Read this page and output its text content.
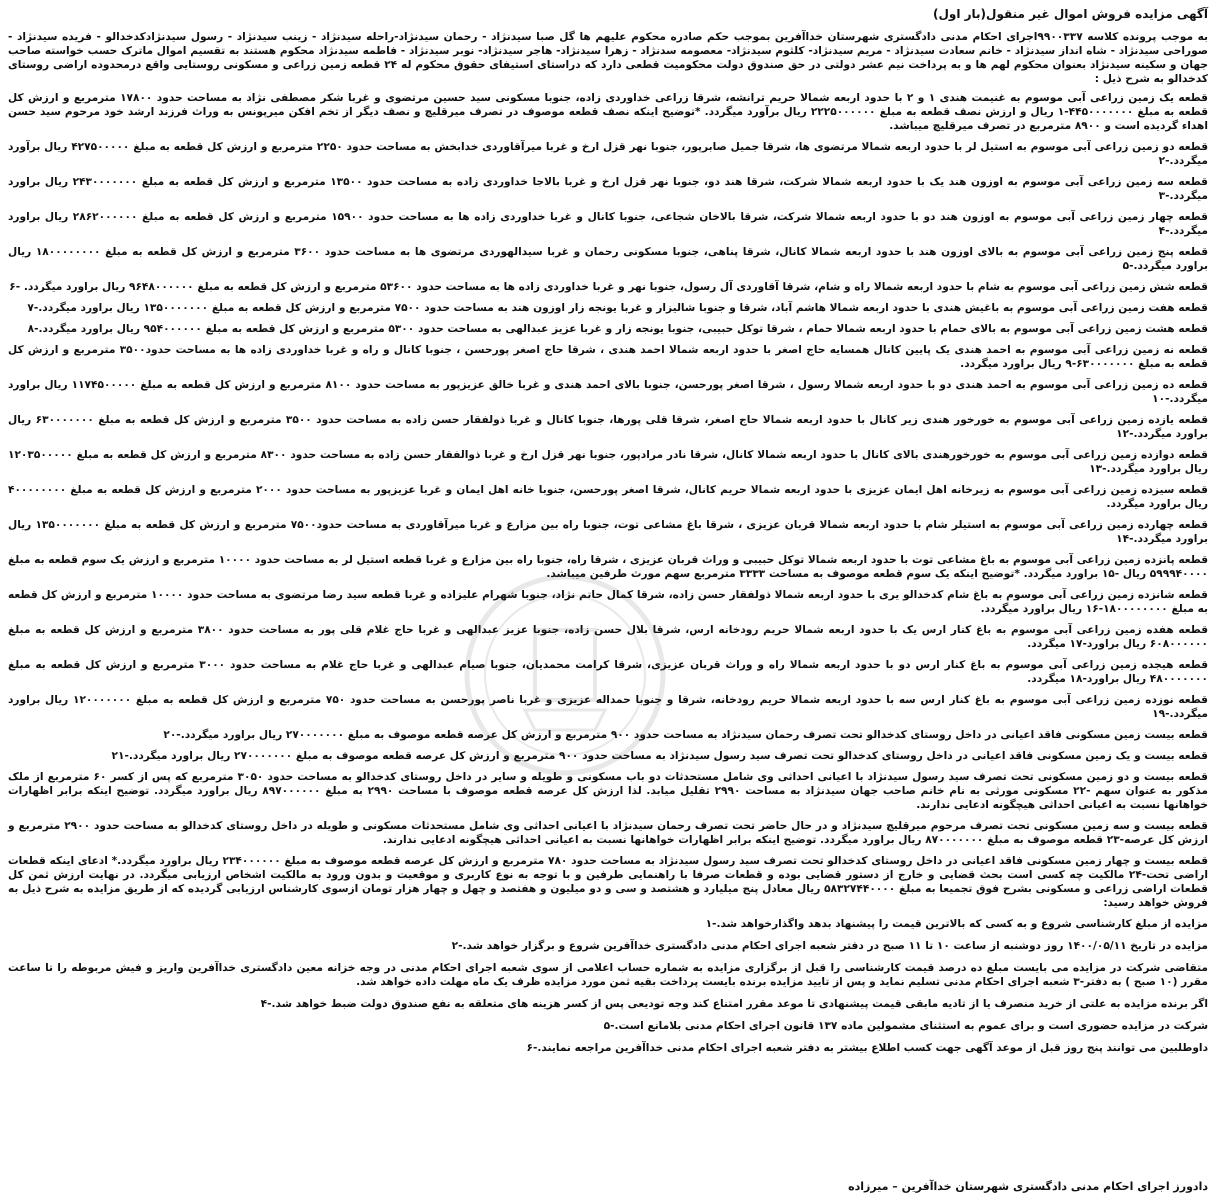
آگهی مزایده فروش اموال غیر منقول(بار اول)
به موجب پرونده کلاسه ۹۹۰۰۳۳۷اجرای احکام مدنی دادگستری شهرستان خداآفرین بموجب حکم صادره محکوم علیهم ها گل صبا سیدنژاد - رحمان سیدنژاد-راحله سیدنژاد - زینب سیدنژاد - رسول سیدنژادکدخدالو - فریده سیدنژاد - صوراحی سیدنژاد - شاه انداز سیدنژاد - خانم سعادت سیدنژاد - مریم سیدنژاد- کلثوم سیدنژاد- معصومه سدنژاد - زهرا سیدنژاد- هاجر سیدنژاد- نوبر سیدنژاد - فاطمه سیدنژاد محکوم هستند به تقسیم اموال ماترک حسب خواسته صاحب جهان و سکینه سیدنژاد بعنوان محکوم لهم ها و به پرداخت نیم عشر دولتی در حق صندوق دولت محکومیت قطعی دارد که دراستای استیفای حقوق محکوم له ۲۴ قطعه زمین زراعی و مسکونی روستایی واقع درمحدوده اراضی روستای کدخدالو به شرح ذیل :
قطعه یک زمین زراعی آبی موسوم به غنیمت هندی ۱ و ۲ با حدود اربعه شمالا حریم ترانشه، شرقا زراعی خداوردی زاده، جنوبا مسکونی سید حسین مرتضوی و غربا شکر مصطفی نژاد به مساحت حدود ۱۷۸۰۰ مترمربع و ارزش کل قطعه به مبلغ ۴۴۵۰۰۰۰۰۰۰-۱ ریال و ارزش نصف قطعه به مبلغ ۲۲۲۵۰۰۰۰۰۰ ریال برآورد میگردد. *توضیح اینکه نصف قطعه موصوف در تصرف میرقلیچ و نصف دیگر از تخم افکن میرپونس به وراث فرزند ارشد خود مرحوم سید حسن اهداء گردیده است و ۸۹۰۰ مترمربع در تصرف میرقلیچ میباشد.
قطعه دو زمین زراعی آبی موسوم به استیل لر با حدود اربعه شمالا مرتضوی ها، شرقا جمیل صابرپور، جنوبا نهر قزل ارخ و غربا میرآقاوردی خدابخش به مساحت حدود ۲۲۵۰ مترمربع و ارزش کل قطعه به مبلغ ۴۲۷۵۰۰۰۰۰ ریال برآورد میگردد.-۲
قطعه سه زمین زراعی آبی موسوم به اوزون هند یک با حدود اربعه شمالا شرکت، شرقا هند دو، جنوبا نهر قزل ارخ و غربا بالاجا خداوردی زاده به مساحت حدود ۱۳۵۰۰ مترمربع و ارزش کل قطعه به مبلغ ۲۴۳۰۰۰۰۰۰۰ ریال براورد میگردد.-۳
قطعه چهار زمین زراعی آبی موسوم به اوزون هند دو با حدود اربعه شمالا شرکت، شرقا بالاخان شجاعی، جنوبا کانال و غربا خداوردی زاده ها به مساحت حدود ۱۵۹۰۰ مترمربع و ارزش کل قطعه به مبلغ ۲۸۶۲۰۰۰۰۰۰ ریال براورد میگردد.-۴
قطعه پنج زمین زراعی آبی موسوم به بالای اوزون هند با حدود اربعه شمالا کانال، شرقا پناهی، جنوبا مسکونی رحمان و غربا سیدالهوردی مرتضوی ها به مساحت حدود ۳۶۰۰ مترمربع و ارزش کل قطعه به مبلغ ۱۸۰۰۰۰۰۰۰۰ ریال براورد میگردد.-۵
قطعه شش زمین زراعی آبی موسوم به شام با حدود اربعه شمالا راه و شام، شرقا آقاوردی آل رسول، جنوبا نهر و غربا خداوردی زاده ها به مساحت حدود ۵۳۶۰۰ مترمربع و ارزش کل قطعه به مبلغ ۹۶۴۸۰۰۰۰۰۰ ریال براورد میگردد. -۶
قطعه هفت زمین زراعی آبی موسوم به باغیش هندی با حدود اربعه شمالا هاشم آباد، شرقا و جنوبا شالیزار و غربا یونجه زار اوزون هند به مساحت حدود ۷۵۰۰ مترمربع و ارزش کل قطعه به مبلغ ۱۳۵۰۰۰۰۰۰۰ ریال براورد میگردد.-۷
قطعه هشت زمین زراعی آبی موسوم به بالای حمام با حدود اربعه شمالا حمام ، شرقا توکل حبیبی، جنوبا یونجه زار و غربا عزیز عبدالهی به مساحت حدود ۵۳۰۰ مترمربع و ارزش کل قطعه به مبلغ ۹۵۴۰۰۰۰۰۰ ریال براورد میگردد.-۸
قطعه نه زمین زراعی آبی موسوم به احمد هندی یک پایین کانال همسایه حاج اصغر با حدود اربعه شمالا احمد هندی ، شرقا حاج اصغر پورحسن ، جنوبا کانال و راه و غربا خداوردی زاده ها به مساحت حدود۳۵۰۰ مترمربع و ارزش کل قطعه به مبلغ ۶۳۰۰۰۰۰۰۰-۹ ریال براورد میگردد.
قطعه ده زمین زراعی آبی موسوم به احمد هندی دو با حدود اربعه شمالا رسول ، شرقا اصغر پورحسن، جنوبا بالای احمد هندی و غربا خالق عزیزپور به مساحت حدود ۸۱۰۰ مترمربع و ارزش کل قطعه به مبلغ ۱۱۷۴۵۰۰۰۰۰ ریال براورد میگردد.-۱۰
قطعه یازده زمین زراعی آبی موسوم به خورخور هندی زیر کانال با حدود اربعه شمالا حاج اصغر، شرقا قلی پورها، جنوبا کانال و غربا ذولفقار حسن زاده به مساحت حدود ۳۵۰۰ مترمربع و ارزش کل قطعه به مبلغ ۶۳۰۰۰۰۰۰۰ ریال براورد میگردد.-۱۲
قطعه دوازده زمین زراعی آبی موسوم به خورخورهندی بالای کانال با حدود اربعه شمالا کانال، شرقا نادر مرادپور، جنوبا نهر قزل ارخ و غربا ذوالفقار حسن زاده به مساحت حدود ۸۳۰۰ مترمربع و ارزش کل قطعه به مبلغ ۱۲۰۳۵۰۰۰۰۰ ریال براورد میگردد.-۱۳
قطعه سیزده زمین زراعی آبی موسوم به زیرخانه اهل ایمان عزیزی با حدود اربعه شمالا حریم کانال، شرقا اصغر پورحسن، جنوبا خانه اهل ایمان و غربا عزیزپور به مساحت حدود ۲۰۰۰ مترمربع و ارزش کل قطعه به مبلغ ۴۰۰۰۰۰۰۰۰ ریال براورد میگردد.
قطعه چهارده زمین زراعی آبی موسوم به استیلر شام با حدود اربعه شمالا قربان عزیزی ، شرقا باغ مشاعی توت، جنوبا راه بین مزارع و غربا میرآقاوردی به مساحت حدود۷۵۰۰ مترمربع و ارزش کل قطعه به مبلغ ۱۳۵۰۰۰۰۰۰۰ ریال براورد میگردد.-۱۴
قطعه پانزده زمین زراعی آبی موسوم به باغ مشاعی توت با حدود اربعه شمالا توکل حبیبی و وراث قربان عزیزی ، شرقا راه، جنوبا راه بین مزارع و غربا قطعه استیل لر به مساحت حدود ۱۰۰۰۰ مترمربع و ارزش یک سوم قطعه به مبلغ ۵۹۹۹۴۰۰۰۰ ریال -۱۵ براورد میگردد. *توضیح اینکه یک سوم قطعه موصوف به مساحت ۳۳۳۳ مترمربع سهم مورث طرفین میباشد.
قطعه شانزده زمین زراعی آبی موسوم به باغ شام کدخدالو یری با حدود اربعه شمالا ذولفقار حسن زاده، شرقا کمال حاتم نژاد، جنوبا شهرام علیزاده و غربا قطعه سید رضا مرتضوی به مساحت حدود ۱۰۰۰۰ مترمربع و ارزش کل قطعه به مبلغ ۱۸۰۰۰۰۰۰۰۰-۱۶ ریال براورد میگردد.
قطعه هفده زمین زراعی آبی موسوم به باغ کنار ارس یک با حدود اربعه شمالا حریم رودخانه ارس، شرقا بلال حسن زاده، جنوبا عزیز عبدالهی و غربا حاج غلام قلی پور به مساحت حدود ۳۸۰۰ مترمربع و ارزش کل قطعه به مبلغ ۶۰۸۰۰۰۰۰۰ ریال براورد-۱۷ میگردد.
قطعه هیجده زمین زراعی آبی موسوم به باغ کنار ارس دو با حدود اربعه شمالا راه و وراث قربان عزیزی، شرقا کرامت محمدیان، جنوبا صیام عبدالهی و غربا حاج غلام به مساحت حدود ۳۰۰۰ مترمربع و ارزش کل قطعه به مبلغ ۴۸۰۰۰۰۰۰۰ ریال براورد-۱۸ میگردد.
قطعه نوزده زمین زراعی آبی موسوم به باغ کنار ارس سه با حدود اربعه شمالا حریم رودخانه، شرقا و جنوبا حمداله عزیزی و غربا ناصر پورحسن به مساحت حدود ۷۵۰ مترمربع و ارزش کل قطعه به مبلغ ۱۲۰۰۰۰۰۰۰ ریال براورد میگردد.-۱۹
قطعه بیست زمین مسکونی فاقد اعیانی در داخل روستای کدخدالو تحت تصرف رحمان سیدنژاد به مساحت حدود ۹۰۰ مترمربع و ارزش کل عرصه قطعه موصوف به مبلغ ۲۷۰۰۰۰۰۰۰ ریال براورد میگردد.-۲۰
قطعه بیست و یک زمین مسکونی فاقد اعیانی در داخل روستای کدخدالو تحت تصرف سید رسول سیدنژاد به مساحت حدود ۹۰۰ مترمربع و ارزش کل عرصه قطعه موصوف به مبلغ ۲۷۰۰۰۰۰۰۰ ریال براورد میگردد.-۲۱
قطعه بیست و دو زمین مسکونی تحت تصرف سید رسول سیدنژاد با اعیانی احداثی وی شامل مستحدثات دو باب مسکونی و طویله و سایر در داخل روستای کدخدالو به مساحت حدود ۳۰۵۰ مترمربع که پس از کسر ۶۰ مترمربع از ملک مذکور به عنوان سهم -۲۲ مسکونی مورثی به نام خانم صاحب جهان سیدنژاد به مساحت ۲۹۹۰ تقلیل میابد. لذا ارزش کل عرصه قطعه موصوف با مساحت ۲۹۹۰ به مبلغ ۸۹۷۰۰۰۰۰۰ ریال براورد میگردد. توضیح اینکه برابر اظهارات خواهانها نسبت به اعیانی احداثی هیچگونه ادعایی ندارند.
قطعه بیست و سه زمین مسکونی تحت تصرف مرحوم میرقلیچ سیدنژاد و در حال حاضر تحت تصرف رحمان سیدنژاد با اعیانی احداثی وی شامل مستحدثات مسکونی و طویله در داخل روستای کدخدالو به مساحت حدود ۲۹۰۰ مترمربع و ارزش کل عرصه-۲۳ قطعه موصوف به مبلغ ۸۷۰۰۰۰۰۰۰ ریال براورد میگردد. توضیح اینکه برابر اظهارات خواهانها نسبت به اعیانی احداثی هیچگونه ادعایی ندارند.
قطعه بیست و چهار زمین مسکونی فاقد اعیانی در داخل روستای کدخدالو تحت تصرف سید رسول سیدنژاد به مساحت حدود ۷۸۰ مترمربع و ارزش کل عرصه قطعه موصوف به مبلغ ۲۳۴۰۰۰۰۰۰ ریال براورد میگردد.* ادعای اینکه قطعات اراضی تحت-۲۴ مالکیت چه کسی است بحث قضایی و خارج از دستور قضایی بوده و قطعات صرفا با راهنمایی طرفین و با توجه به نوع کاربری و موقعیت و بدون ورود به مالکیت اشخاص ارزیابی میگردد. در نهایت ارزش ثمن کل قطعات اراضی زراعی و مسکونی بشرح فوق تجمیعا به مبلغ ۵۸۳۲۷۴۴۰۰۰۰ ریال معادل پنج میلیارد و هشتصد و سی و دو میلیون و هفتصد و چهل و چهار هزار تومان ازسوی کارشناس ارزیابی گردیده که از طریق مزایده به شرح ذیل به فروش خواهد رسید:
مزایده از مبلغ کارشناسی شروع و به کسی که بالاترین قیمت را پیشنهاد بدهد واگذارخواهد شد.-۱
مزایده در تاریخ ۱۴۰۰/۰۵/۱۱ روز دوشنبه از ساعت ۱۰ تا ۱۱ صبح در دفتر شعبه اجرای احکام مدنی دادگستری خداآفرین شروع و برگزار خواهد شد.-۲
متقاضی شرکت در مزایده می بایست مبلغ ده درصد قیمت کارشناسی را قبل از برگزاری مزایده به شماره حساب اعلامی از سوی شعبه اجرای احکام مدنی در وجه خزانه معین دادگستری خداآفرین واریز و فیش مربوطه را تا ساعت مقرر (۱۰ صبح ) به دفتر-۳ شعبه اجرای احکام مدنی تسلیم نماید و پس از تایید مزایده برنده بایست پرداخت بقیه ثمن مورد مزایده ظرف یک ماه مهلت داده خواهد شد.
اگر برنده مزایده به علتی از خرید منصرف یا از تادیه مابقی قیمت پیشنهادی تا موعد مقرر امتناع کند وجه تودیعی پس از کسر هزینه های متعلقه به نفع صندوق دولت ضبط خواهد شد.-۴
شرکت در مزایده حضوری است و برای عموم به استثنای مشمولین ماده ۱۳۷ قانون اجرای احکام مدنی بلامانع است.-۵
داوطلبین می توانند پنج روز قبل از موعد آگهی جهت کسب اطلاع بیشتر به دفتر شعبه اجرای احکام مدنی خداآفرین مراجعه نمایند.-۶
دادورز اجرای احکام مدنی دادگستری شهرستان خداآفرین – میرزاده
